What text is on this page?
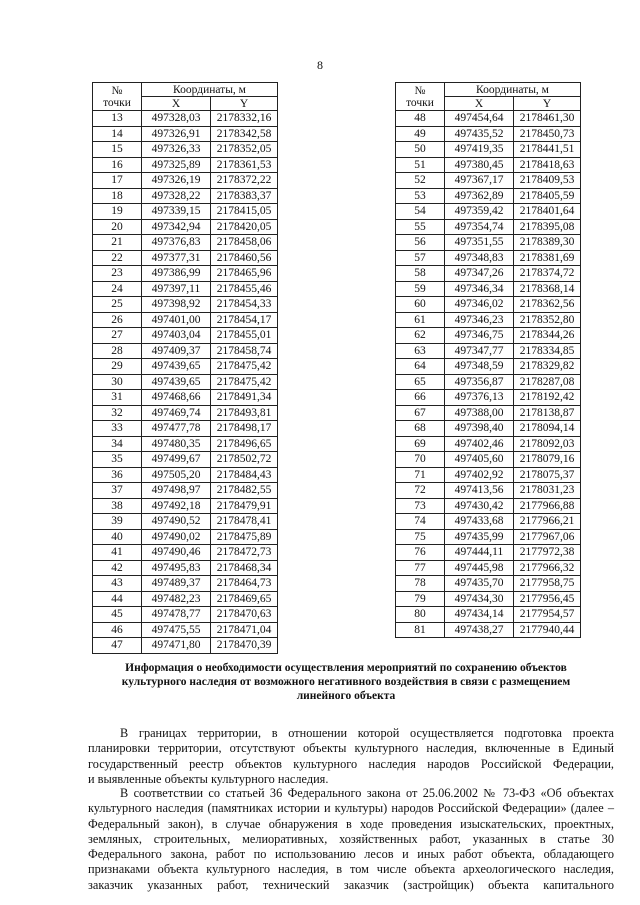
8
№
точки	Координаты, м	
	X	Y
13	497328,03	2178332,16
14	497326,91	2178342,58
15	497326,33	2178352,05
16	497325,89	2178361,53
17	497326,19	2178372,22
18	497328,22	2178383,37
19	497339,15	2178415,05
20	497342,94	2178420,05
21	497376,83	2178458,06
22	497377,31	2178460,56
23	497386,99	2178465,96
24	497397,11	2178455,46
25	497398,92	2178454,33
26	497401,00	2178454,17
27	497403,04	2178455,01
28	497409,37	2178458,74
29	497439,65	2178475,42
30	497439,65	2178475,42
31	497468,66	2178491,34
32	497469,74	2178493,81
33	497477,78	2178498,17
34	497480,35	2178496,65
35	497499,67	2178502,72
36	497505,20	2178484,43
37	497498,97	2178482,55
38	497492,18	2178479,91
39	497490,52	2178478,41
40	497490,02	2178475,89
41	497490,46	2178472,73
42	497495,83	2178468,34
43	497489,37	2178464,73
44	497482,23	2178469,65
45	497478,77	2178470,63
46	497475,55	2178471,04
47	497471,80	2178470,39
№
точки	Координаты, м	
	X	Y
48	497454,64	2178461,30
49	497435,52	2178450,73
50	497419,35	2178441,51
51	497380,45	2178418,63
52	497367,17	2178409,53
53	497362,89	2178405,59
54	497359,42	2178401,64
55	497354,74	2178395,08
56	497351,55	2178389,30
57	497348,83	2178381,69
58	497347,26	2178374,72
59	497346,34	2178368,14
60	497346,02	2178362,56
61	497346,23	2178352,80
62	497346,75	2178344,26
63	497347,77	2178334,85
64	497348,59	2178329,82
65	497356,87	2178287,08
66	497376,13	2178192,42
67	497388,00	2178138,87
68	497398,40	2178094,14
69	497402,46	2178092,03
70	497405,60	2178079,16
71	497402,92	2178075,37
72	497413,56	2178031,23
73	497430,42	2177966,88
74	497433,68	2177966,21
75	497435,99	2177967,06
76	497444,11	2177972,38
77	497445,98	2177966,32
78	497435,70	2177958,75
79	497434,30	2177956,45
80	497434,14	2177954,57
81	497438,27	2177940,44
Информация о необходимости осуществления мероприятий по сохранению объектов
культурного наследия от возможного негативного воздействия в связи с размещением
линейного объекта

В границах территории, в отношении которой осуществляется подготовка проекта
планировки территории, отсутствуют объекты культурного наследия, включенные в Единый
государственный реестр объектов культурного наследия народов Российской Федерации,
и выявленные объекты культурного наследия.

В соответствии со статьей 36 Федерального закона от 25.06.2002 № 73-ФЗ «Об объектах
культурного наследия (памятниках истории и культуры) народов Российской Федерации» (далее –
Федеральный закон), в случае обнаружения в ходе проведения изыскательских, проектных,
земляных, строительных, мелиоративных, хозяйственных работ, указанных в статье 30
Федерального закона, работ по использованию лесов и иных работ объекта, обладающего
признаками объекта культурного наследия, в том числе объекта археологического наследия,
заказчик указанных работ, технический заказчик (застройщик) объекта капитального
